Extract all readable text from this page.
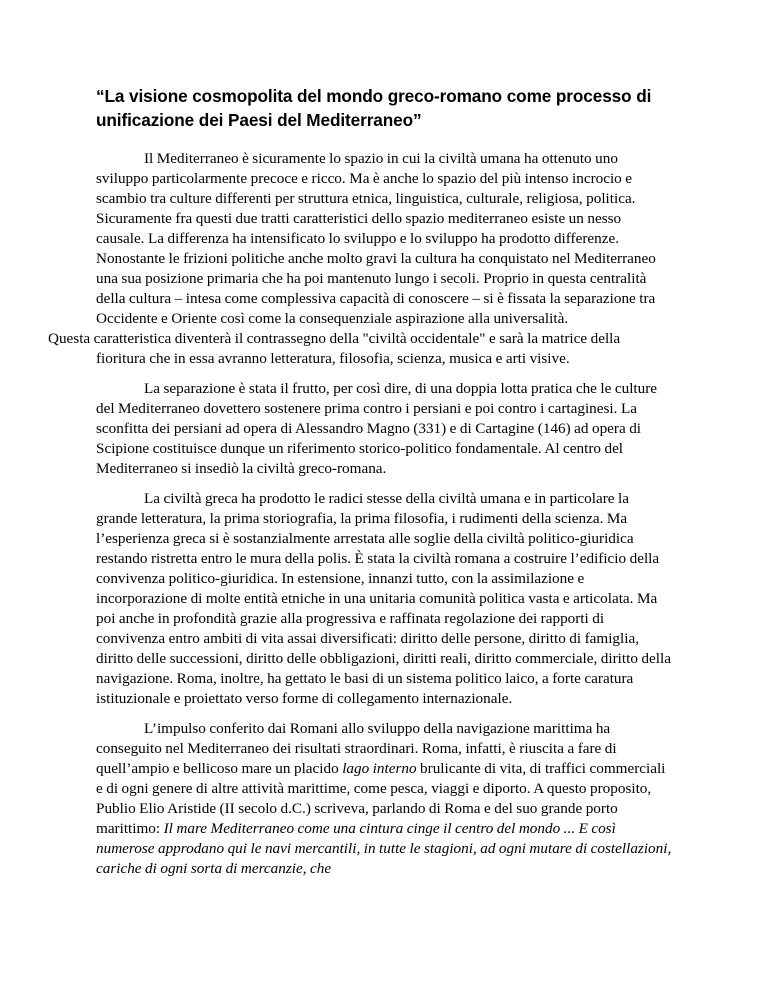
“La visione cosmopolita del mondo greco-romano come processo di
unificazione dei Paesi del Mediterraneo”

Il Mediterraneo è sicuramente lo spazio in cui la civiltà umana ha ottenuto uno sviluppo particolarmente precoce e ricco. Ma è anche lo spazio del più intenso incrocio e scambio tra culture differenti per struttura etnica, linguistica, culturale, religiosa, politica. Sicuramente fra questi due tratti caratteristici dello spazio mediterraneo esiste un nesso causale. La differenza ha intensificato lo sviluppo e lo sviluppo ha prodotto differenze. Nonostante le frizioni politiche anche molto gravi la cultura ha conquistato nel Mediterraneo una sua posizione primaria che ha poi mantenuto lungo i secoli. Proprio in questa centralità della cultura – intesa come complessiva capacità di conoscere – si è fissata la separazione tra Occidente e Oriente così come la consequenziale aspirazione alla universalità.
Questa caratteristica diventerà il contrassegno della "civiltà occidentale" e sarà la matrice della fioritura che in essa avranno letteratura, filosofia, scienza, musica e arti visive.

La separazione è stata il frutto, per così dire, di una doppia lotta pratica che le culture del Mediterraneo dovettero sostenere prima contro i persiani e poi contro i cartaginesi. La sconfitta dei persiani ad opera di Alessandro Magno (331) e di Cartagine (146) ad opera di Scipione costituisce dunque un riferimento storico-politico fondamentale. Al centro del Mediterraneo si insediò la civiltà greco-romana.

La civiltà greca ha prodotto le radici stesse della civiltà umana e in particolare la grande letteratura, la prima storiografia, la prima filosofia, i rudimenti della scienza. Ma l’esperienza greca si è sostanzialmente arrestata alle soglie della civiltà politico-giuridica restando ristretta entro le mura della polis. È stata la civiltà romana a costruire l’edificio della convivenza politico-giuridica. In estensione, innanzi tutto, con la assimilazione e incorporazione di molte entità etniche in una unitaria comunità politica vasta e articolata. Ma poi anche in profondità grazie alla progressiva e raffinata regolazione dei rapporti di convivenza entro ambiti di vita assai diversificati: diritto delle persone, diritto di famiglia, diritto delle successioni, diritto delle obbligazioni, diritti reali, diritto commerciale, diritto della navigazione. Roma, inoltre, ha gettato le basi di un sistema politico laico, a forte caratura istituzionale e proiettato verso forme di collegamento internazionale.

L’impulso conferito dai Romani allo sviluppo della navigazione marittima ha conseguito nel Mediterraneo dei risultati straordinari. Roma, infatti, è riuscita a fare di quell’ampio e bellicoso mare un placido lago interno brulicante di vita, di traffici commerciali e di ogni genere di altre attività marittime, come pesca, viaggi e diporto. A questo proposito, Publio Elio Aristide (II secolo d.C.) scriveva, parlando di Roma e del suo grande porto marittimo: Il mare Mediterraneo come una cintura cinge il centro del mondo ... E così numerose approdano qui le navi mercantili, in tutte le stagioni, ad ogni mutare di costellazioni, cariche di ogni sorta di mercanzie, che
